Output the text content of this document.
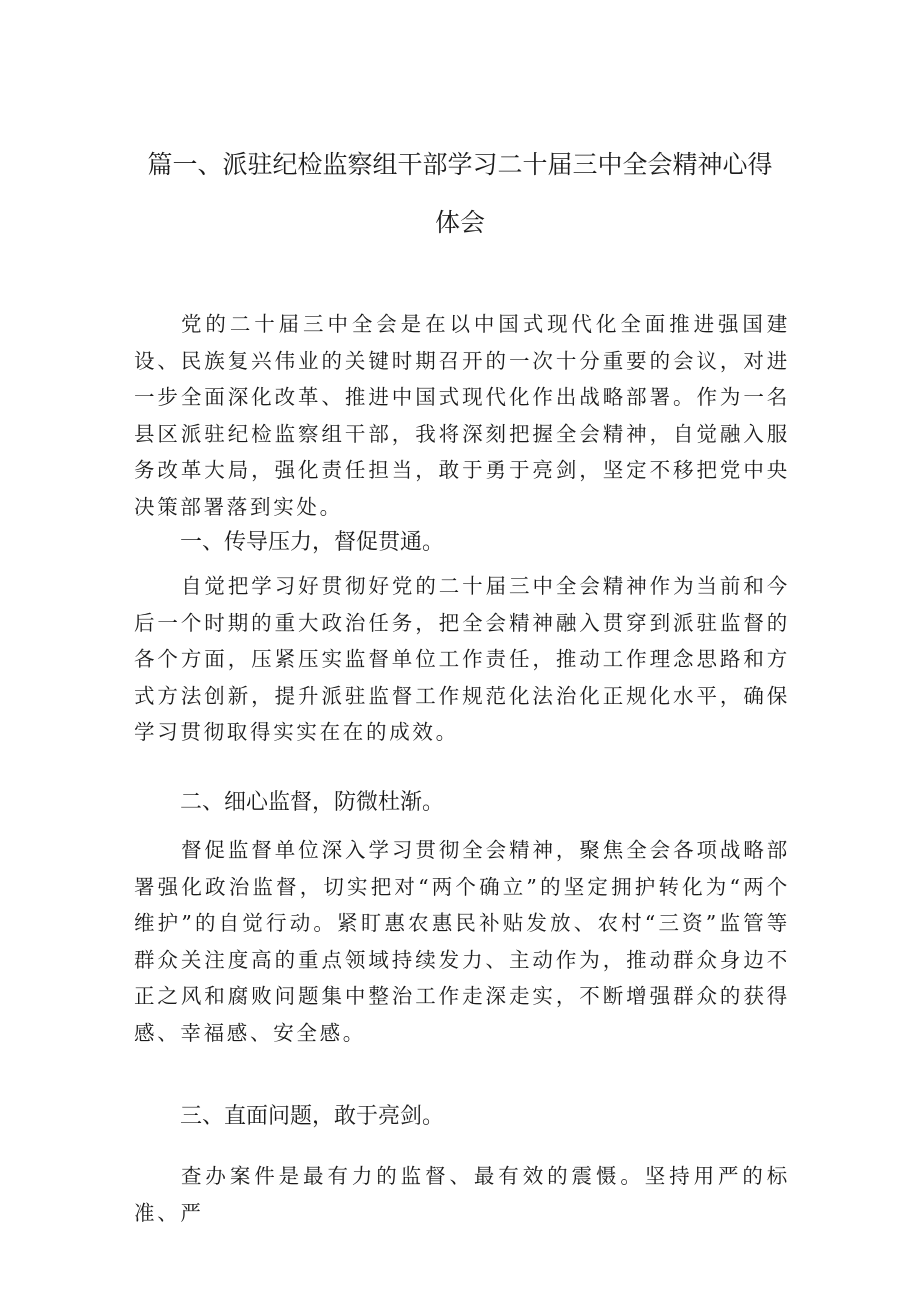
篇一、派驻纪检监察组干部学习二十届三中全会精神心得
体会

党的二十届三中全会是在以中国式现代化全面推进强国建设、民族复兴伟业的关键时期召开的一次十分重要的会议，对进一步全面深化改革、推进中国式现代化作出战略部署。作为一名县区派驻纪检监察组干部，我将深刻把握全会精神，自觉融入服务改革大局，强化责任担当，敢于勇于亮剑，坚定不移把党中央决策部署落到实处。

一、传导压力，督促贯通。

自觉把学习好贯彻好党的二十届三中全会精神作为当前和今后一个时期的重大政治任务，把全会精神融入贯穿到派驻监督的各个方面，压紧压实监督单位工作责任，推动工作理念思路和方式方法创新，提升派驻监督工作规范化法治化正规化水平，确保学习贯彻取得实实在在的成效。

二、细心监督，防微杜渐。

督促监督单位深入学习贯彻全会精神，聚焦全会各项战略部署强化政治监督，切实把对“两个确立”的坚定拥护转化为“两个维护”的自觉行动。紧盯惠农惠民补贴发放、农村“三资”监管等群众关注度高的重点领域持续发力、主动作为，推动群众身边不正之风和腐败问题集中整治工作走深走实，不断增强群众的获得感、幸福感、安全感。

三、直面问题，敢于亮剑。

查办案件是最有力的监督、最有效的震慑。坚持用严的标准、严
